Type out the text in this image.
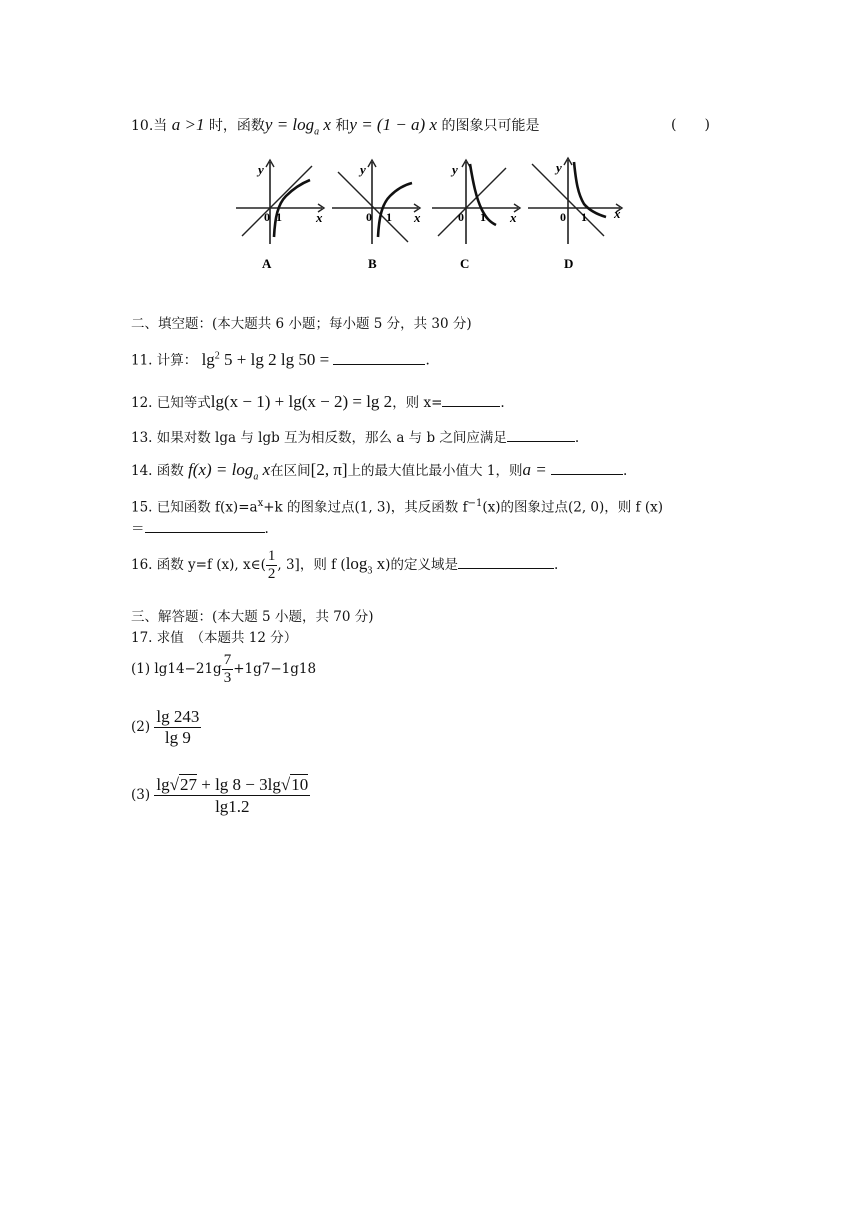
10.当 a >1 时，函数$y = \log_a x$ 和y = (1 − a) x 的图象只可能是	(　　)
y
x
0 1
A
y
x
0 1
B
y
x
0 1
C
y
x
0 1
D
二、填空题：(本大题共 6 小题；每小题 5 分，共 30 分)
11. 计算： $\lg^2 5 + \lg 2$ lg 50 =	.
12. 已知等式lg(x − 1) + lg(x − 2) = lg 2，则 x=	.
13. 如果对数 lga 与 lgb 互为相反数，那么 a 与 b 之间应满足	.
14. 函数 $f(x) = \log_a x$在区间[2, π]上的最大值比最小值大 1，则a =	.
15. 已知函数 $f(x)=a^x+k$ 的图象过点(1, 3)，其反函数 $f^{-1}(x)$的图象过点(2, 0)，则 f (x)
＝	.
16. 函数 y=f (x), x∈( $\frac{1}{2}$ , 3]，则 f ($\log_3$ x)的定义域是	.
三、解答题：(本大题 5 小题，共 70 分)
17. 求值　（本题共 12 分）
(1) $\lg 14-21g \frac{7}{3} +1g7-1g18$
$(2) \frac{\lg 243}{\lg 9}$
$(3) \frac{\lg√27 + \lg 8 - 3\lg√10}{\lg 1.2}$
